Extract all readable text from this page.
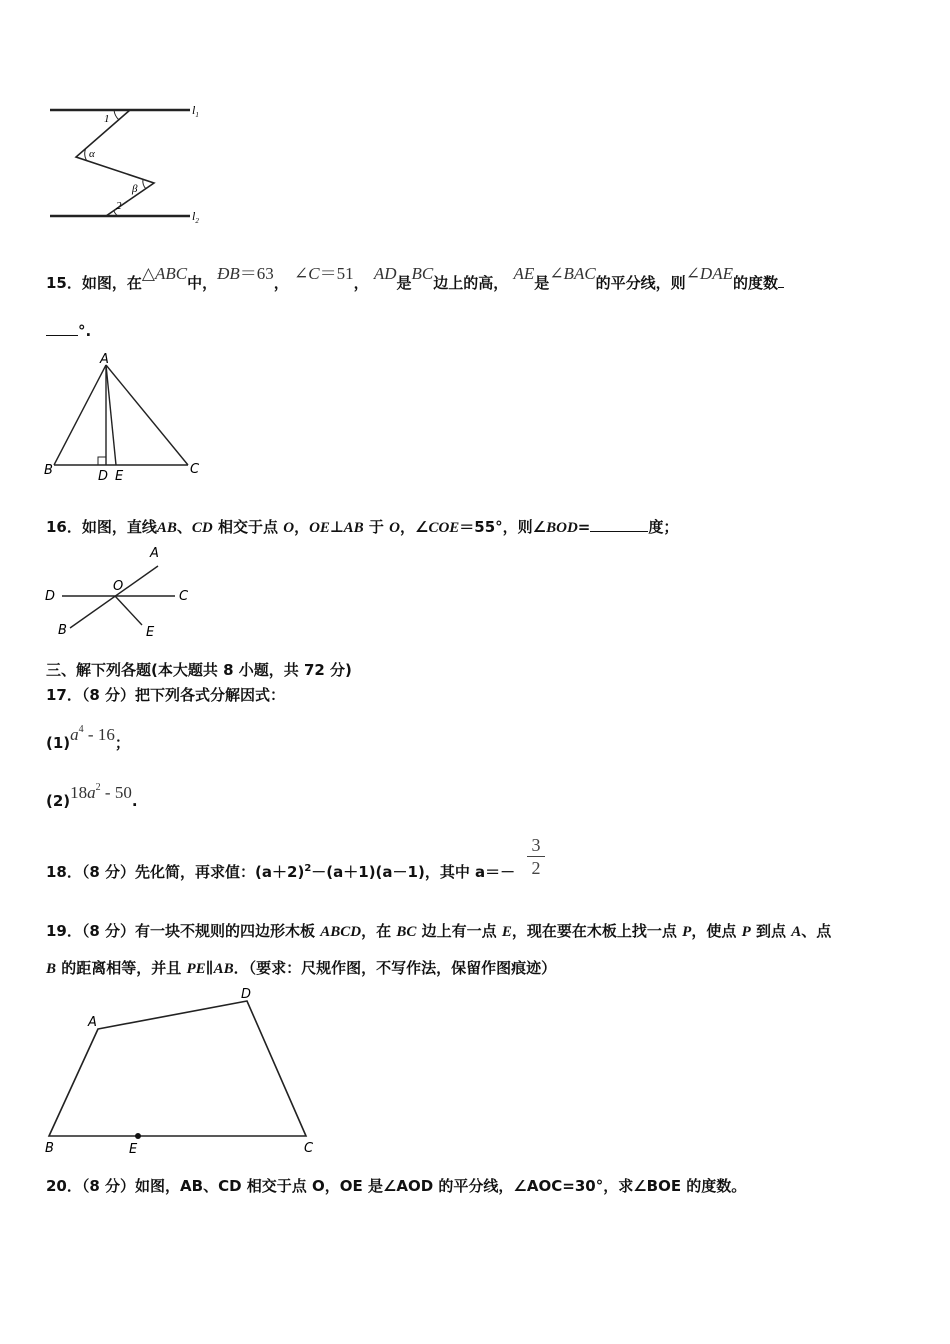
$l_1$
$l_2$
1
α
β
2
15．如图，在△ABC中，ÐB＝63， ∠C＝51， AD是BC边上的高， AE是∠BAC的平分线，则∠DAE的度数
°.
A
B	C
D E
16．如图，直线AB、CD 相交于点 O，OE⊥AB 于 O，∠COE＝55°，则∠BOD=	度；
A
O
D	C
B	E
三、解下列各题(本大题共 8 小题，共 72 分)
17．（8 分）把下列各式分解因式：
$(1)a^4 - 16$；
$(2)18a^2 - 50$.
18．（8 分）先化简，再求值：$(a+2)^2-(a+1)(a-1)$，其中 a＝－
3
2
19．（8 分）有一块不规则的四边形木板 ABCD，在 BC 边上有一点 E，现在要在木板上找一点 P，使点 P 到点 A、点
B 的距离相等，并且 PE∥AB．（要求：尺规作图，不写作法，保留作图痕迹）
A
D
B	E	C
20．（8 分）如图，AB、CD 相交于点 O，OE 是∠AOD 的平分线，∠AOC=30°，求∠BOE 的度数。
